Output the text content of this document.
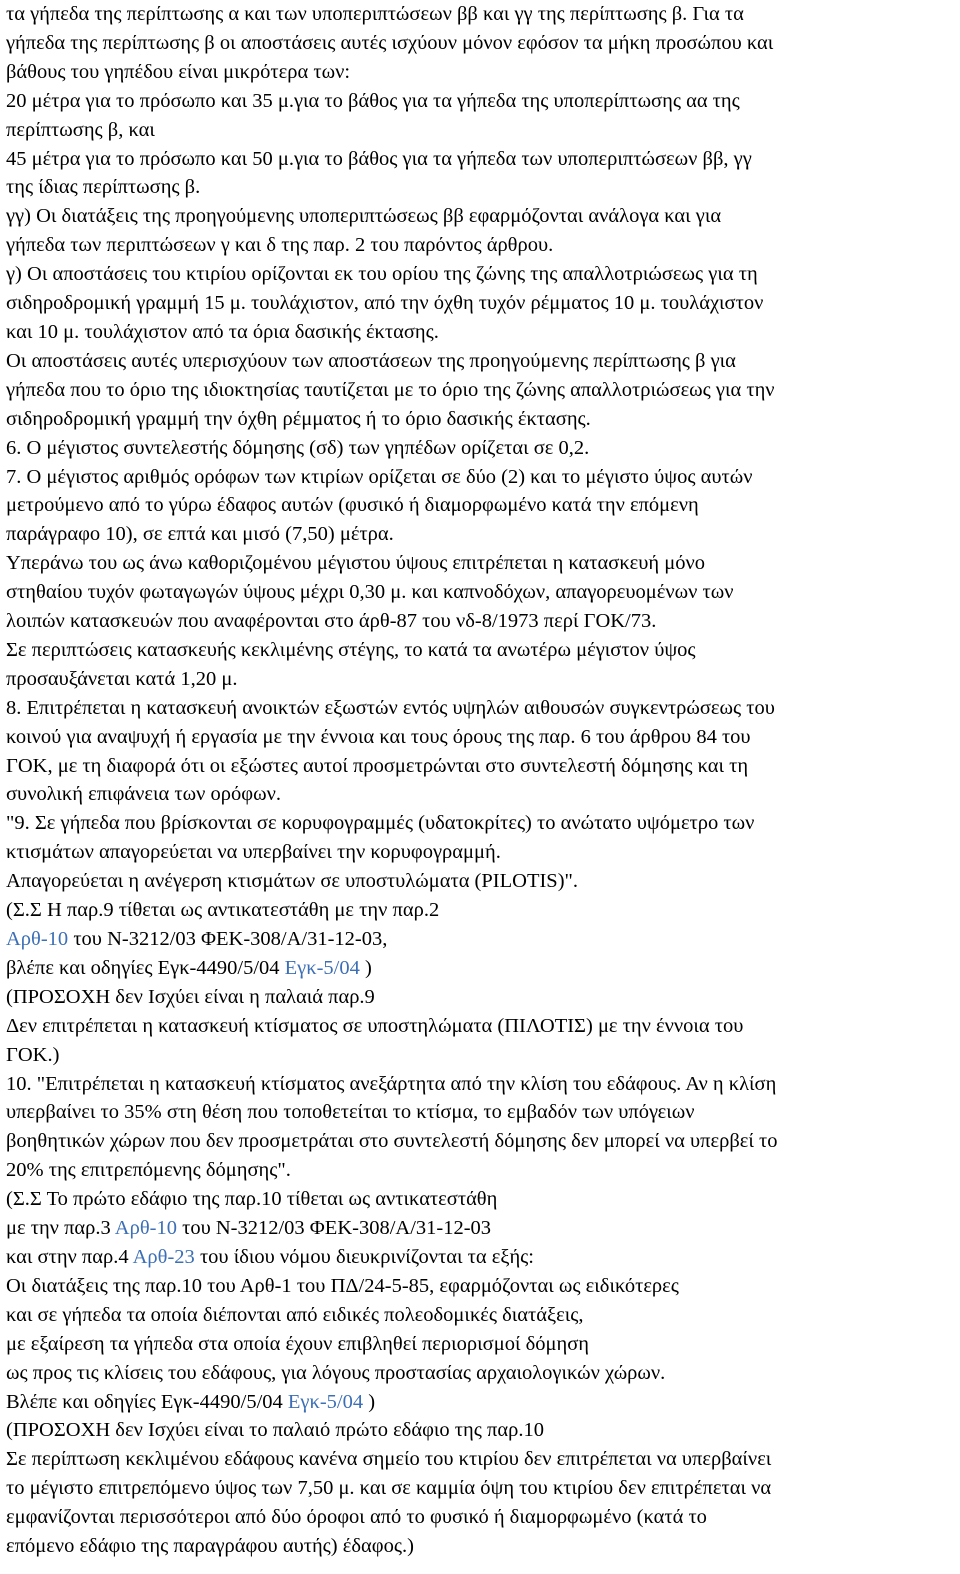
τα γήπεδα της περίπτωσης α και των υποπεριπτώσεων ββ και γγ της περίπτωσης β. Για τα
γήπεδα της περίπτωσης β οι αποστάσεις αυτές ισχύουν μόνον εφόσον τα μήκη προσώπου και
βάθους του γηπέδου είναι μικρότερα των:
20 μέτρα για το πρόσωπο και 35 μ.για το βάθος για τα γήπεδα της υποπερίπτωσης αα της
περίπτωσης β, και
45 μέτρα για το πρόσωπο και 50 μ.για το βάθος για τα γήπεδα των υποπεριπτώσεων ββ, γγ
της ίδιας περίπτωσης β.
γγ) Οι διατάξεις της προηγούμενης υποπεριπτώσεως ββ εφαρμόζονται ανάλογα και για
γήπεδα των περιπτώσεων γ και δ της παρ. 2 του παρόντος άρθρου.
γ) Οι αποστάσεις του κτιρίου ορίζονται εκ του ορίου της ζώνης της απαλλοτριώσεως για τη
σιδηροδρομική γραμμή 15 μ. τουλάχιστον, από την όχθη τυχόν ρέμματος 10 μ. τουλάχιστον
και 10 μ. τουλάχιστον από τα όρια δασικής έκτασης.
Οι αποστάσεις αυτές υπερισχύουν των αποστάσεων της προηγούμενης περίπτωσης β για
γήπεδα που το όριο της ιδιοκτησίας ταυτίζεται με το όριο της ζώνης απαλλοτριώσεως για την
σιδηροδρομική γραμμή την όχθη ρέμματος ή το όριο δασικής έκτασης.
6. Ο μέγιστος συντελεστής δόμησης (σδ) των γηπέδων ορίζεται σε 0,2.
7. Ο μέγιστος αριθμός ορόφων των κτιρίων ορίζεται σε δύο (2) και το μέγιστο ύψος αυτών
μετρούμενο από το γύρω έδαφος αυτών (φυσικό ή διαμορφωμένο κατά την επόμενη
παράγραφο 10), σε επτά και μισό (7,50) μέτρα.
Υπεράνω του ως άνω καθοριζομένου μέγιστου ύψους επιτρέπεται η κατασκευή μόνο
στηθαίου τυχόν φωταγωγών ύψους μέχρι 0,30 μ. και καπνοδόχων, απαγορευομένων των
λοιπών κατασκευών που αναφέρονται στο άρθ-87 του νδ-8/1973 περί ΓΟΚ/73.
Σε περιπτώσεις κατασκευής κεκλιμένης στέγης, το κατά τα ανωτέρω μέγιστον ύψος
προσαυξάνεται κατά 1,20 μ.
8. Επιτρέπεται η κατασκευή ανοικτών εξωστών εντός υψηλών αιθουσών συγκεντρώσεως του
κοινού για αναψυχή ή εργασία με την έννοια και τους όρους της παρ. 6 του άρθρου 84 του
ΓΟΚ, με τη διαφορά ότι οι εξώστες αυτοί προσμετρώνται στο συντελεστή δόμησης και τη
συνολική επιφάνεια των ορόφων.
"9. Σε γήπεδα που βρίσκονται σε κορυφογραμμές (υδατοκρίτες) το ανώτατο υψόμετρο των
κτισμάτων απαγορεύεται να υπερβαίνει την κορυφογραμμή.
Απαγορεύεται η ανέγερση κτισμάτων σε υποστυλώματα (PILOTIS)".
(Σ.Σ Η παρ.9 τίθεται ως αντικατεστάθη με την παρ.2
Αρθ-10 του Ν-3212/03 ΦΕΚ-308/Α/31-12-03,
βλέπε και οδηγίες Εγκ-4490/5/04 Εγκ-5/04 )
(ΠΡΟΣΟΧΗ δεν Ισχύει είναι η παλαιά παρ.9
Δεν επιτρέπεται η κατασκευή κτίσματος σε υποστηλώματα (ΠΙΛΟΤΙΣ) με την έννοια του
ΓΟΚ.)
10. "Επιτρέπεται η κατασκευή κτίσματος ανεξάρτητα από την κλίση του εδάφους. Αν η κλίση
υπερβαίνει το 35% στη θέση που τοποθετείται το κτίσμα, το εμβαδόν των υπόγειων
βοηθητικών χώρων που δεν προσμετράται στο συντελεστή δόμησης δεν μπορεί να υπερβεί το
20% της επιτρεπόμενης δόμησης".
(Σ.Σ Το πρώτο εδάφιο της παρ.10 τίθεται ως αντικατεστάθη
με την παρ.3 Αρθ-10 του Ν-3212/03 ΦΕΚ-308/Α/31-12-03
και στην παρ.4 Αρθ-23 του ίδιου νόμου διευκρινίζονται τα εξής:
Οι διατάξεις της παρ.10 του Αρθ-1 του ΠΔ/24-5-85, εφαρμόζονται ως ειδικότερες
και σε γήπεδα τα οποία διέπονται από ειδικές πολεοδομικές διατάξεις,
με εξαίρεση τα γήπεδα στα οποία έχουν επιβληθεί περιορισμοί δόμηση
ως προς τις κλίσεις του εδάφους, για λόγους προστασίας αρχαιολογικών χώρων.
Βλέπε και οδηγίες Εγκ-4490/5/04 Εγκ-5/04 )
(ΠΡΟΣΟΧΗ δεν Ισχύει είναι το παλαιό πρώτο εδάφιο της παρ.10
Σε περίπτωση κεκλιμένου εδάφους κανένα σημείο του κτιρίου δεν επιτρέπεται να υπερβαίνει
το μέγιστο επιτρεπόμενο ύψος των 7,50 μ. και σε καμμία όψη του κτιρίου δεν επιτρέπεται να
εμφανίζονται περισσότεροι από δύο όροφοι από το φυσικό ή διαμορφωμένο (κατά το
επόμενο εδάφιο της παραγράφου αυτής) έδαφος.)
